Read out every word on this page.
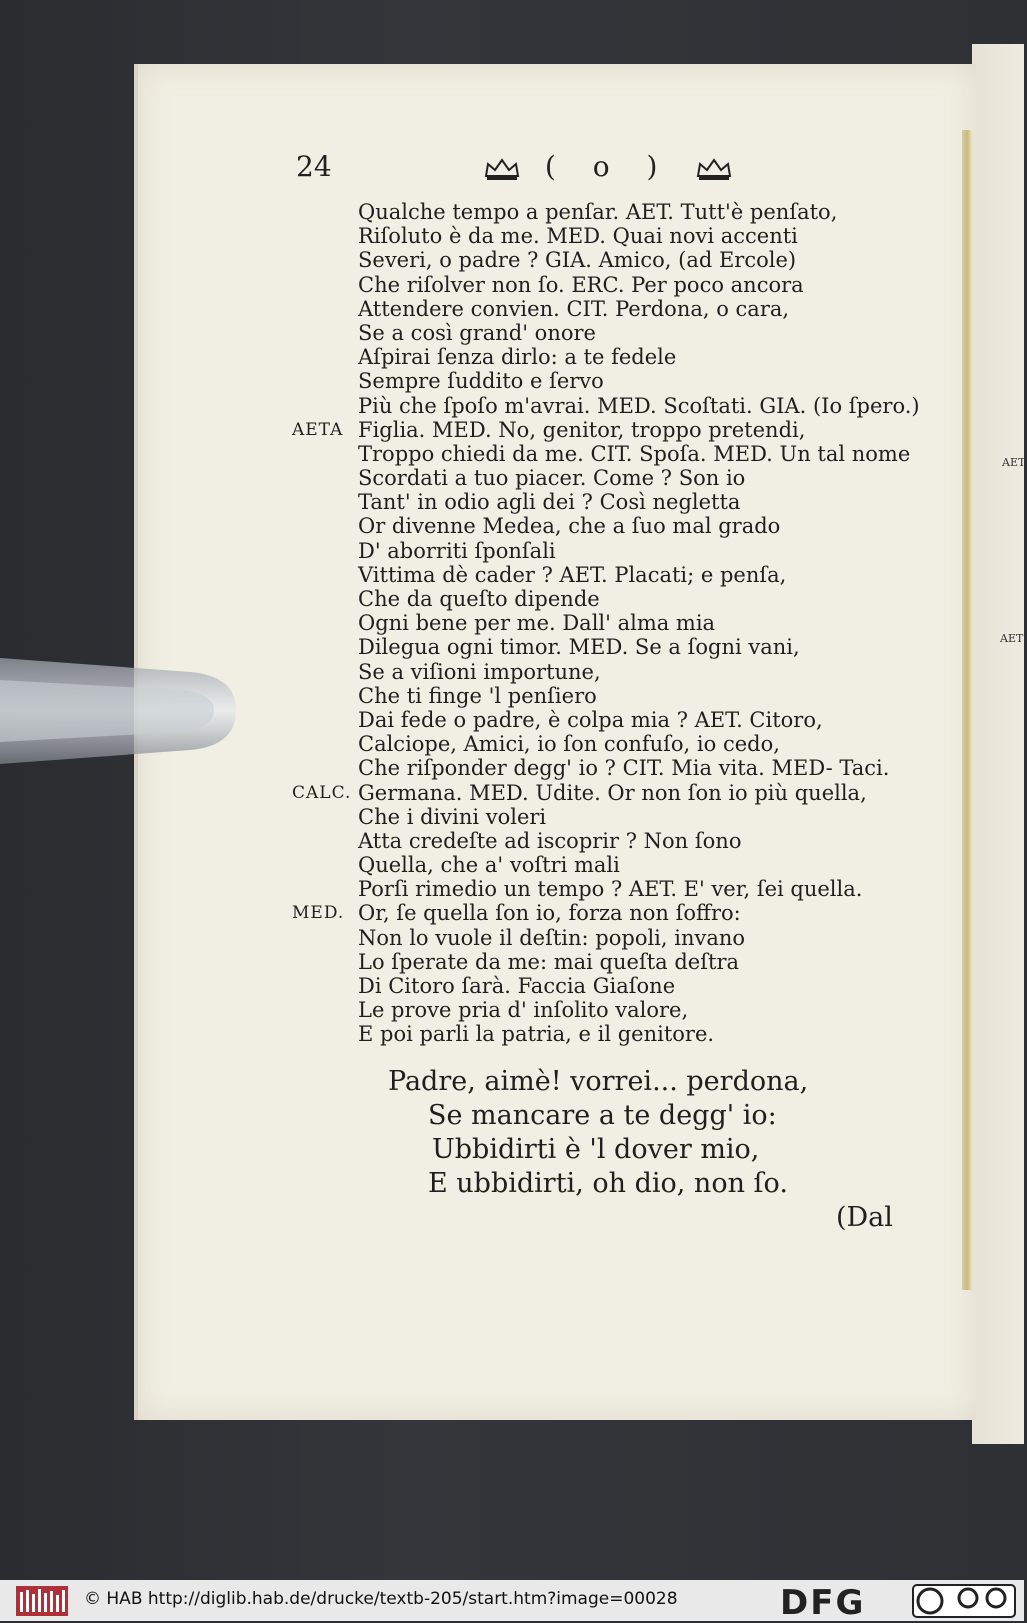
AET.
AET
24	( o )
Qualche tempo a penſar. AET. Tutt'è penſato,
Riſoluto è da me. MED. Quai novi accenti
Severi, o padre ? GIA. Amico, (ad Ercole)
Che riſolver non ſo. ERC. Per poco ancora
Attendere convien. CIT. Perdona, o cara,
Se a così grand' onore
Aſpirai ſenza dirlo: a te fedele
Sempre ſuddito e ſervo
Più che ſpoſo m'avrai. MED. Scoſtati. GIA. (Io ſpero.)
AETA Figlia. MED. No, genitor, troppo pretendi,
Troppo chiedi da me. CIT. Spoſa. MED. Un tal nome
Scordati a tuo piacer. Come ? Son io
Tant' in odio agli dei ? Così negletta
Or divenne Medea, che a ſuo mal grado
D' aborriti ſponſali
Vittima dè cader ? AET. Placati; e penſa,
Che da queſto dipende
Ogni bene per me. Dall' alma mia
Dilegua ogni timor. MED. Se a ſogni vani,
Se a viſioni importune,
Che ti finge 'l penſiero
Dai fede o padre, è colpa mia ? AET. Citoro,
Calciope, Amici, io ſon confuſo, io cedo,
Che riſponder degg' io ? CIT. Mia vita. MED- Taci.
CALC. Germana. MED. Udite. Or non ſon io più quella,
Che i divini voleri
Atta credeſte ad iscoprir ? Non ſono
Quella, che a' voſtri mali
Porſi rimedio un tempo ? AET. E' ver, ſei quella.
MED. Or, ſe quella ſon io, forza non ſoffro:
Non lo vuole il deſtin: popoli, invano
Lo ſperate da me: mai queſta deſtra
Di Citoro ſarà. Faccia Giaſone
Le prove pria d' inſolito valore,
E poi parli la patria, e il genitore.
Padre, aimè! vorrei... perdona,
Se mancare a te degg' io:
Ubbidirti è 'l dover mio,
E ubbidirti, oh dio, non ſo.
(Dal
© HAB http://diglib.hab.de/drucke/textb-205/start.htm?image=00028	DFG
